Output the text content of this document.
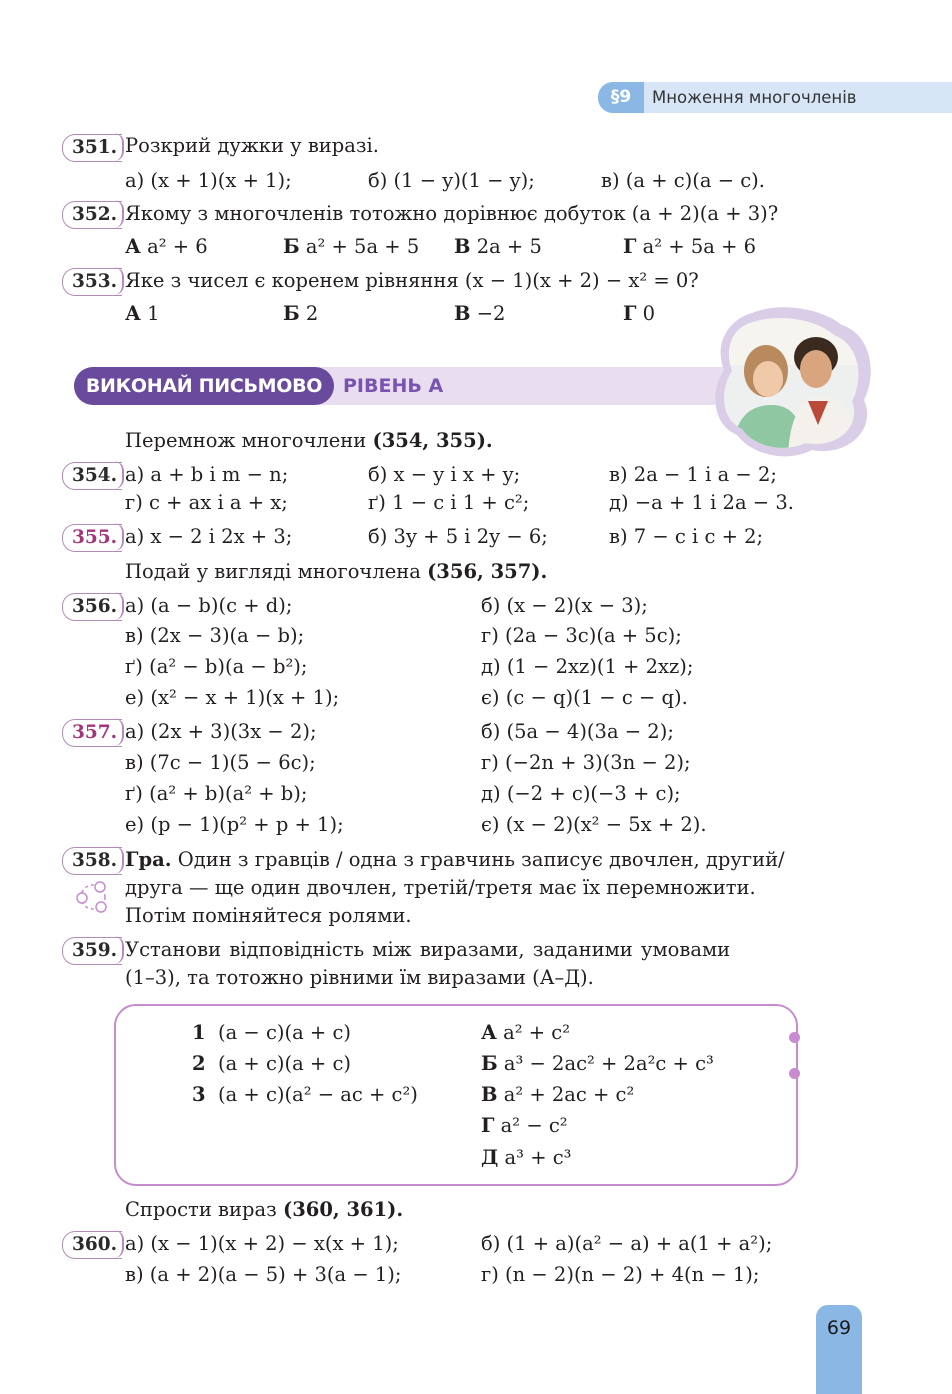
§9	Множення многочленів
351. Розкрий дужки у виразі.
а) (x + 1)(x + 1);	б) (1 − y)(1 − y);	в) (a + c)(a − c).
352. Якому з многочленів тотожно дорівнює добуток (a + 2)(a + 3)?
А a² + 6	Б a² + 5a + 5 В 2a + 5	Г a² + 5a + 6
353. Яке з чисел є коренем рівняння (x − 1)(x + 2) − x² = 0?
А 1	Б 2	В −2	Г 0
ВИКОНАЙ ПИСЬМОВО	РІВЕНЬ А
Перемнож многочлени (354, 355).
354. а) a + b і m − n;	б) x − y і x + y;	в) 2a − 1 і a − 2;
г) c + ax і a + x;	ґ) 1 − c і 1 + c²;	д) −a + 1 і 2a − 3.
355. а) x − 2 і 2x + 3;	б) 3y + 5 і 2y − 6;	в) 7 − c і c + 2;
Подай у вигляді многочлена (356, 357).
356. а) (a − b)(c + d);	б) (x − 2)(x − 3);
в) (2x − 3)(a − b);	г) (2a − 3c)(a + 5c);
ґ) (a² − b)(a − b²);	д) (1 − 2xz)(1 + 2xz);
е) (x² − x + 1)(x + 1);	є) (c − q)(1 − c − q).
357. а) (2x + 3)(3x − 2);	б) (5a − 4)(3a − 2);
в) (7c − 1)(5 − 6c);	г) (−2n + 3)(3n − 2);
ґ) (a² + b)(a² + b);	д) (−2 + c)(−3 + c);
е) (p − 1)(p² + p + 1);	є) (x − 2)(x² − 5x + 2).
358. Гра. Один з гравців / одна з гравчинь записує двочлен, другий/
друга — ще один двочлен, третій/третя має їх перемножити.
Потім поміняйтеся ролями.
359. Установи відповідність між виразами, заданими умовами
(1–3), та тотожно рівними їм виразами (А–Д).
1 (a − c)(a + c)
2 (a + c)(a + c)
3 (a + c)(a² − ac + c²)
А a² + c²
Б a³ − 2ac² + 2a²c + c³
В a² + 2ac + c²
Г a² − c²
Д a³ + c³
Спрости вираз (360, 361).
360. а) (x − 1)(x + 2) − x(x + 1);	б) (1 + a)(a² − a) + a(1 + a²);
в) (a + 2)(a − 5) + 3(a − 1);	г) (n − 2)(n − 2) + 4(n − 1);
69
